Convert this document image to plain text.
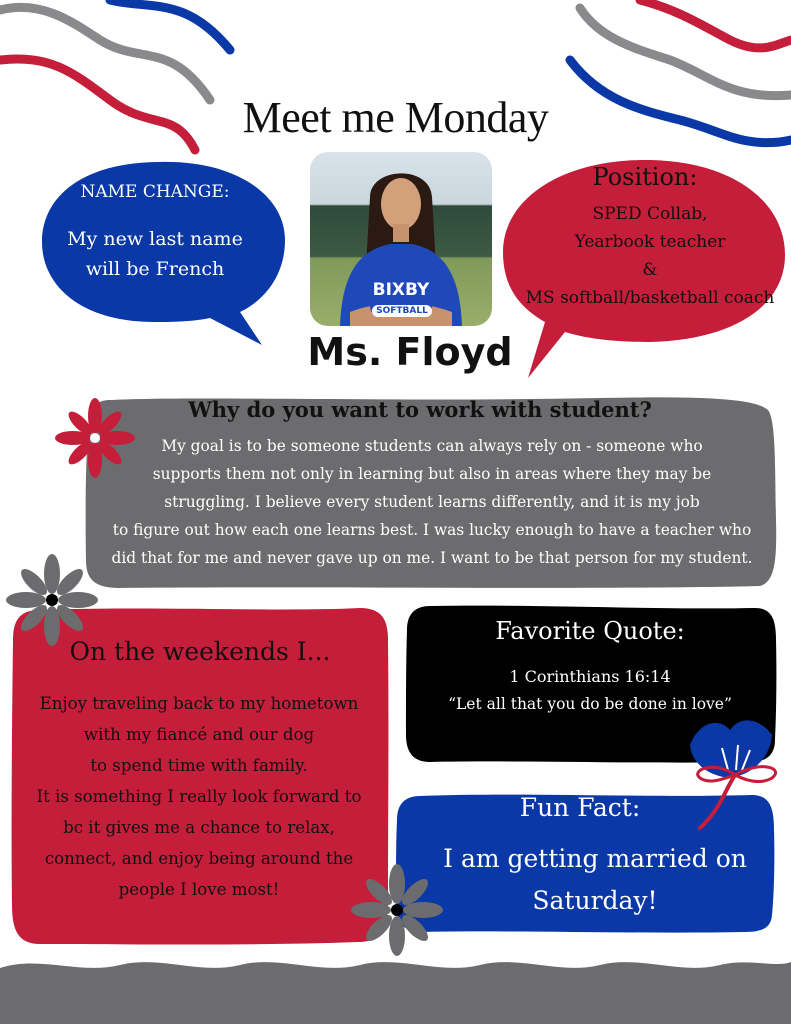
Meet me Monday
BIXBY
SOFTBALL
NAME CHANGE:
My new last name
will be French
Position:
SPED Collab,
Yearbook teacher
&
MS softball/basketball coach
Ms. Floyd
Why do you want to work with student?
My goal is to be someone students can always rely on - someone who
supports them not only in learning but also in areas where they may be
struggling. I believe every student learns differently, and it is my job
to figure out how each one learns best. I was lucky enough to have a teacher who
did that for me and never gave up on me. I want to be that person for my student.
On the weekends I...
Enjoy traveling back to my hometown
with my fiancé and our dog
to spend time with family.
It is something I really look forward to
bc it gives me a chance to relax,
connect, and enjoy being around the
people I love most!
Favorite Quote:
1 Corinthians 16:14
“Let all that you do be done in love”
Fun Fact:
I am getting married on
Saturday!
